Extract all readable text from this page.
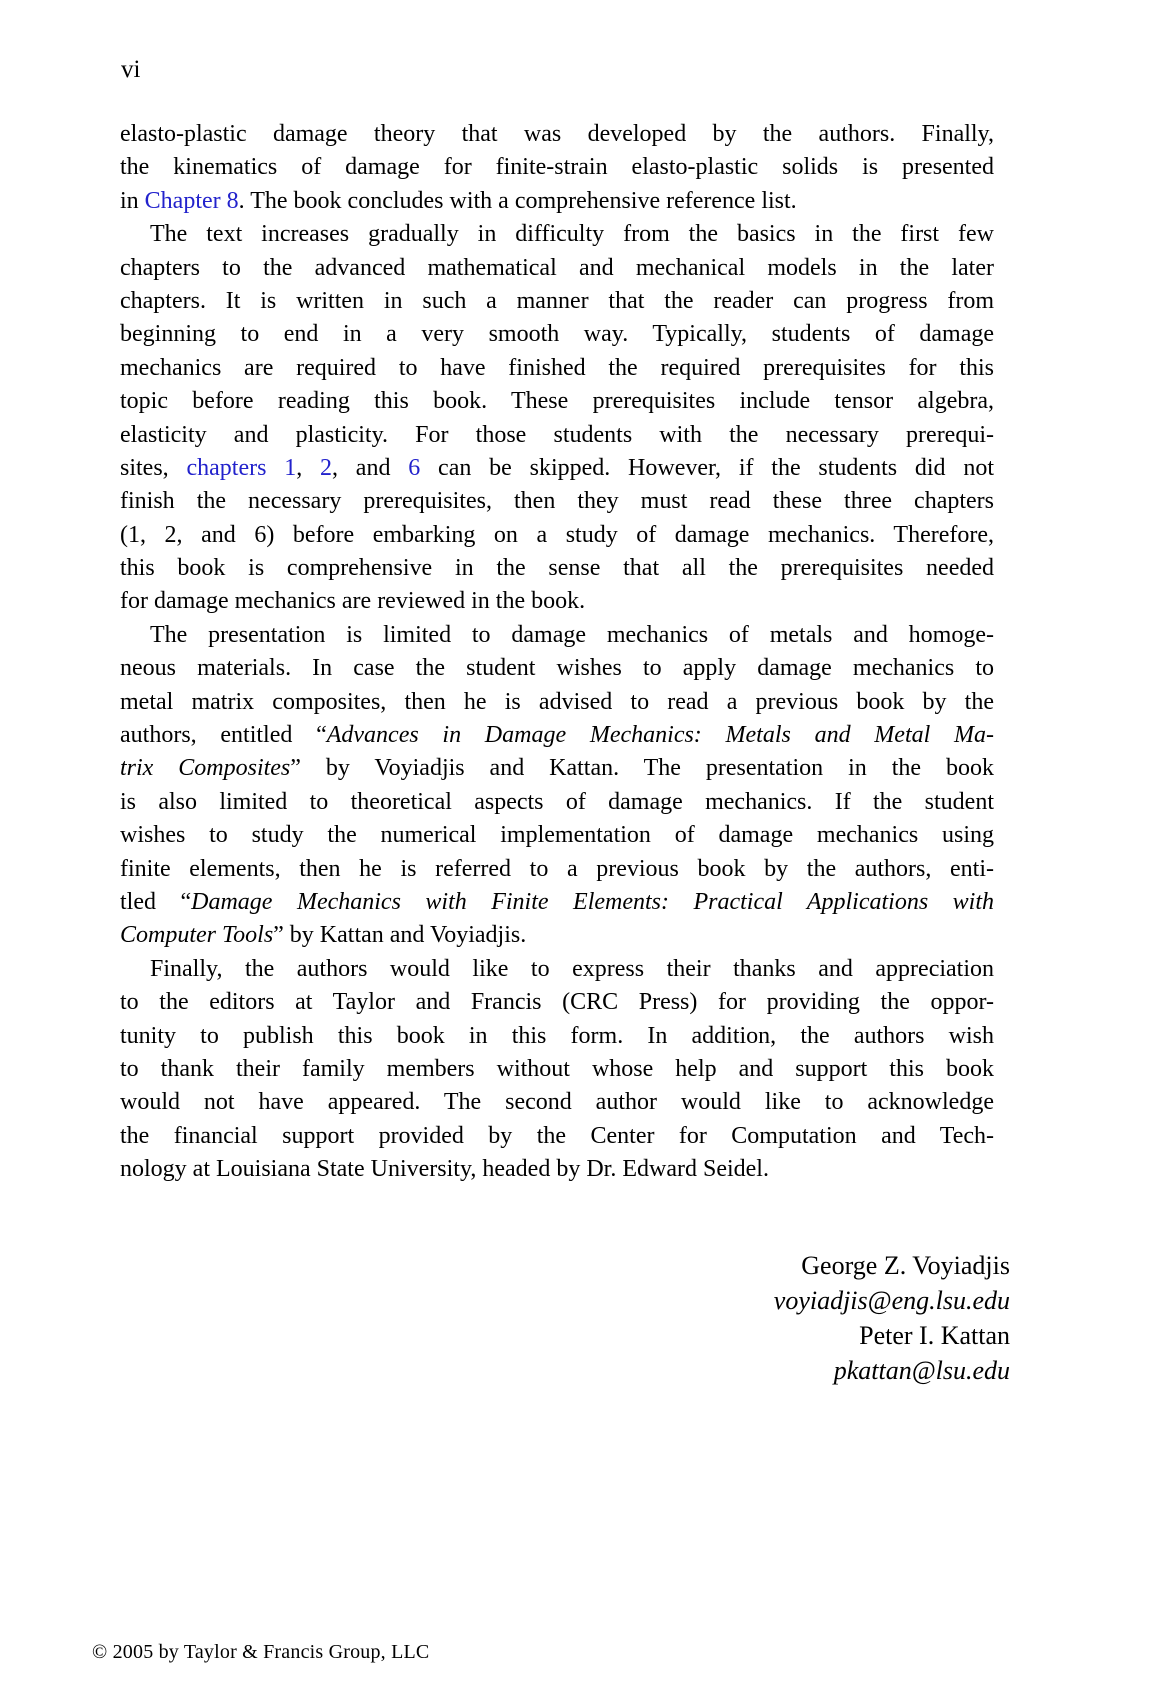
vi
elasto-plastic damage theory that was developed by the authors. Finally,
the kinematics of damage for finite-strain elasto-plastic solids is presented
in Chapter 8. The book concludes with a comprehensive reference list.
The text increases gradually in difficulty from the basics in the first few
chapters to the advanced mathematical and mechanical models in the later
chapters. It is written in such a manner that the reader can progress from
beginning to end in a very smooth way. Typically, students of damage
mechanics are required to have finished the required prerequisites for this
topic before reading this book. These prerequisites include tensor algebra,
elasticity and plasticity. For those students with the necessary prerequi-
sites, chapters 1, 2, and 6 can be skipped. However, if the students did not
finish the necessary prerequisites, then they must read these three chapters
(1, 2, and 6) before embarking on a study of damage mechanics. Therefore,
this book is comprehensive in the sense that all the prerequisites needed
for damage mechanics are reviewed in the book.
The presentation is limited to damage mechanics of metals and homoge-
neous materials. In case the student wishes to apply damage mechanics to
metal matrix composites, then he is advised to read a previous book by the
authors, entitled “Advances in Damage Mechanics: Metals and Metal Ma-
trix Composites” by Voyiadjis and Kattan. The presentation in the book
is also limited to theoretical aspects of damage mechanics. If the student
wishes to study the numerical implementation of damage mechanics using
finite elements, then he is referred to a previous book by the authors, enti-
tled “Damage Mechanics with Finite Elements: Practical Applications with
Computer Tools” by Kattan and Voyiadjis.
Finally, the authors would like to express their thanks and appreciation
to the editors at Taylor and Francis (CRC Press) for providing the oppor-
tunity to publish this book in this form. In addition, the authors wish
to thank their family members without whose help and support this book
would not have appeared. The second author would like to acknowledge
the financial support provided by the Center for Computation and Tech-
nology at Louisiana State University, headed by Dr. Edward Seidel.
George Z. Voyiadjis
voyiadjis@eng.lsu.edu
Peter I. Kattan
pkattan@lsu.edu
© 2005 by Taylor & Francis Group, LLC
